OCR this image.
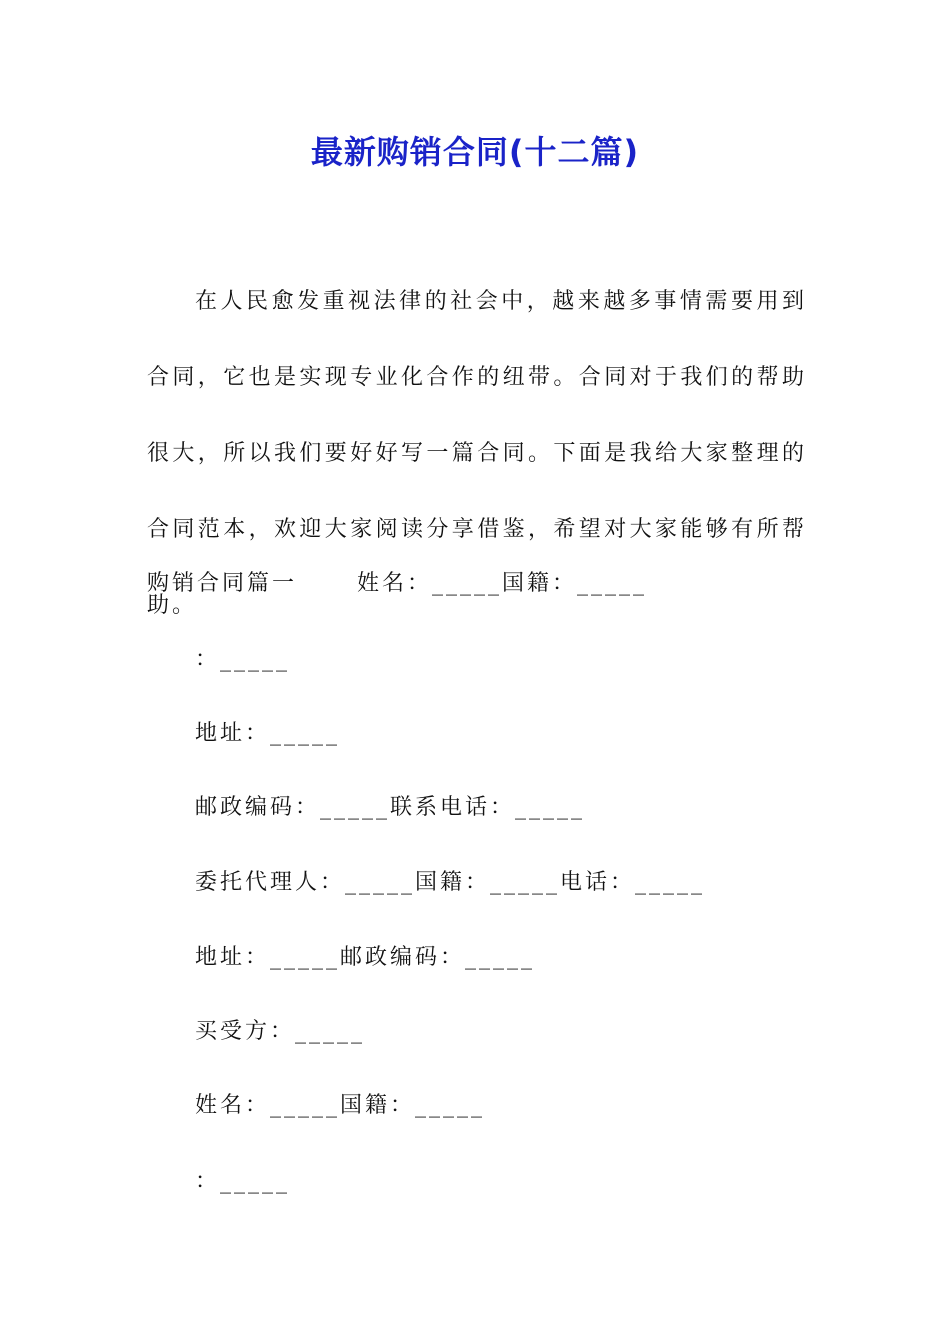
最新购销合同(十二篇)

在人民愈发重视法律的社会中，越来越多事情需要用到合同，它也是实现专业化合作的纽带。合同对于我们的帮助很大，所以我们要好好写一篇合同。下面是我给大家整理的合同范本，欢迎大家阅读分享借鉴，希望对大家能够有所帮助。

购销合同篇一      姓名：_____国籍：_____
：_____
地址：_____
邮政编码：_____联系电话：_____
委托代理人：_____国籍：_____电话：_____
地址：_____邮政编码：_____
买受方：_____
姓名：_____国籍：_____
：_____
